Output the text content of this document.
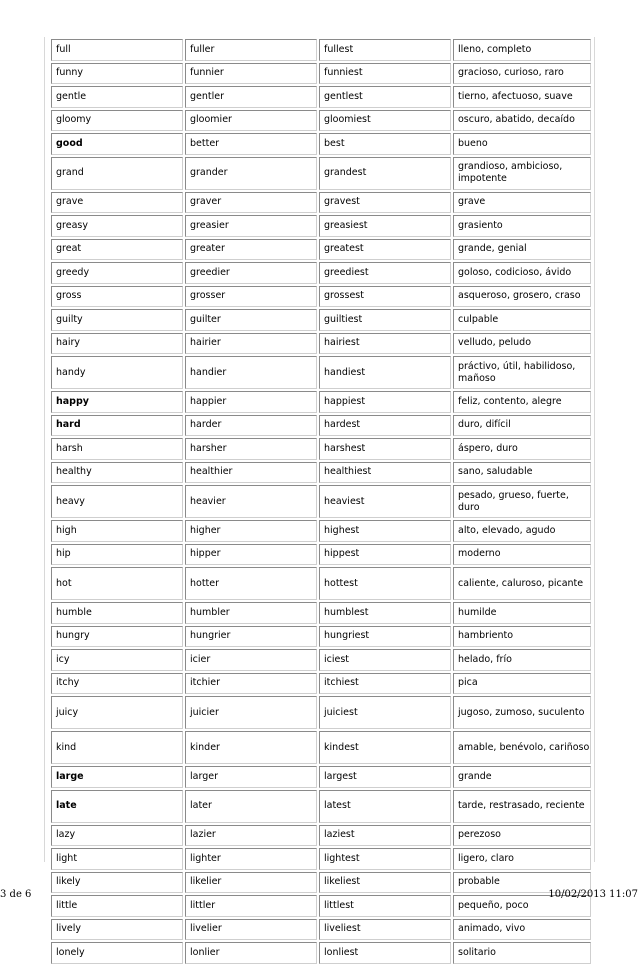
full	fuller	fullest	lleno, completo
funny	funnier	funniest	gracioso, curioso, raro
gentle	gentler	gentlest	tierno, afectuoso, suave
gloomy	gloomier	gloomiest	oscuro, abatido, decaído
good	better	best	bueno
grand	grander	grandest	grandioso, ambicioso, impotente
grave	graver	gravest	grave
greasy	greasier	greasiest	grasiento
great	greater	greatest	grande, genial
greedy	greedier	greediest	goloso, codicioso, ávido
gross	grosser	grossest	asqueroso, grosero, craso
guilty	guilter	guiltiest	culpable
hairy	hairier	hairiest	velludo, peludo
handy	handier	handiest	práctivo, útil, habilidoso, mañoso
happy	happier	happiest	feliz, contento, alegre
hard	harder	hardest	duro, difícil
harsh	harsher	harshest	áspero, duro
healthy	healthier	healthiest	sano, saludable
heavy	heavier	heaviest	pesado, grueso, fuerte, duro
high	higher	highest	alto, elevado, agudo
hip	hipper	hippest	moderno
hot	hotter	hottest	caliente, caluroso, picante
humble	humbler	humblest	humilde
hungry	hungrier	hungriest	hambriento
icy	icier	iciest	helado, frío
itchy	itchier	itchiest	pica
juicy	juicier	juiciest	jugoso, zumoso, suculento
kind	kinder	kindest	amable, benévolo, cariñoso
large	larger	largest	grande
late	later	latest	tarde, restrasado, reciente
lazy	lazier	laziest	perezoso
light	lighter	lightest	ligero, claro
likely	likelier	likeliest	probable
little	littler	littlest	pequeño, poco
lively	livelier	liveliest	animado, vivo
lonely	lonlier	lonliest	solitario
3 de 6	10/02/2013 11:07
